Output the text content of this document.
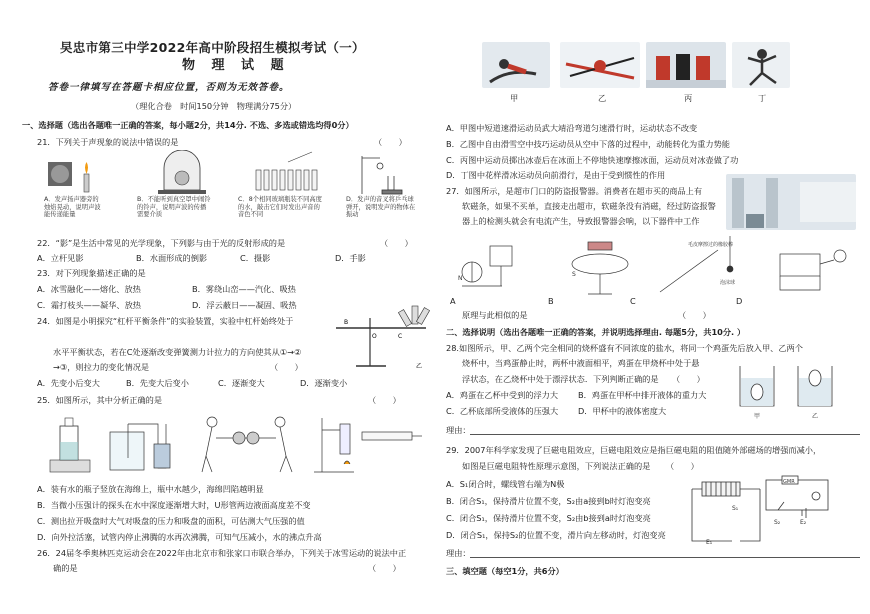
旲忠市第三中学2022年高中阶段招生模拟考试（一）
物 理 试 题
答卷一律填写在答题卡相应位置，否则为无效答卷。
（理化合卷　时间150分钟　物理满分75分）
一、选择题（选出各题唯一正确的答案，每小题2分，共14分. 不选、多选或错选均得0分）
21．下列关于声现象的说法中错误的是	（　　）
A．发声扬声器旁的烛焰晃动，说明声波能传递能量
B．不能听到真空罩中闹铃的铃声，说明声波的传播需要介质
C．8个相同玻璃瓶装不同高度的水，敲击它们时发出声音的音色不同
D．发声的音叉将乒乓球弹开，说明发声的物体在振动
22．“影”是生活中常见的光学现象，下列影与由于光的反射形成的是	（　　）
A．立杆见影	B．水面形成的倒影	C．摄影	D．手影
23．对下列现象描述正确的是
A．冰雪融化——熔化、放热	B．雾绕山峦——汽化、吸热
C．霜打枝头——凝华、放热	D．浮云蔽日——凝固、吸热
24．如图是小明探究“杠杆平衡条件”的实验装置，实验中杠杆始终处于	B
O	C
乙
水平平衡状态，若在C处逐渐改变弹簧测力计拉力的方向使其从①→②
→③，则拉力的变化情况是	（　　）
A．先变小后变大	B．先变大后变小	C．逐渐变大	D．逐渐变小
25．如图所示，其中分析正确的是	（　　）
A．装有水的瓶子竖放在海绵上，瓶中水越少，海绵凹陷越明显
B．当微小压强计的探头在水中深度逐渐增大时，U形管两边液面高度差不变
C．测出拉开吸盘时大气对吸盘的压力和吸盘的面积，可估测大气压强的值
D．向外拉活塞，试管内停止沸腾的水再次沸腾，可知气压减小，水的沸点升高
26．24届冬季奥林匹克运动会在2022年由北京市和张家口市联合举办，下列关于冰雪运动的说法中正
确的是	（　　）
甲	乙	丙	丁
A．甲图中短道速滑运动员武大靖沿弯道匀速滑行时，运动状态不改变
B．乙图中自由滑雪空中技巧运动员从空中下落的过程中，动能转化为重力势能
C．丙图中运动员掷出冰壶后在冰面上不停地快速摩擦冰面，运动员对冰壶做了功
D．丁图中花样滑冰运动员向前滑行，是由于受到惯性的作用
27．如图所示，是超市门口的防盗报警器。消费者在超市买的商品上有
软磁条，如果不买单，直接走出超市，软磁条没有消磁，经过防盗报警
器上的检测头就会有电流产生，导致报警器会响，以下器件中工作
N
S
毛皮摩擦过的橡胶棒
泡沫球
A	B	C	D
原理与此相似的是	（　　）
二、选择说明（选出各题唯一正确的答案，并说明选择理由. 每题5分，共10分. ）
28.如图所示，甲、乙两个完全相同的烧杯盛有不同浓度的盐水，将同一个鸡蛋先后放入甲、乙两个
烧杯中，当鸡蛋静止时，两杯中液面相平，鸡蛋在甲烧杯中处于悬
浮状态，在乙烧杯中处于漂浮状态．下列判断正确的是 （　　）
甲	乙
A．鸡蛋在乙杯中受到的浮力大 B．鸡蛋在甲杯中排开液体的重力大
C．乙杯底部所受液体的压强大 D．甲杯中的液体密度大
理由：
29．2007年科学家发现了巨磁电阻效应，巨磁电阻效应是指巨磁电阻的阻值随外部磁场的增强而减小，
如图是巨磁电阻特性原理示意图，下列说法正确的是 （　　）
A．S₁闭合时，螺线管右端为N极
B．闭合S₁，保持滑片位置不变，S₂由a接到b时灯泡变亮
C．闭合S₁，保持滑片位置不变，S₂由b接到a时灯泡变亮
D．闭合S₁，保持S₂的位置不变，滑片向左移动时，灯泡变亮
S₁
S₂	E₂
E₁
GMR
理由：
三、填空题（每空1分，共6分）
